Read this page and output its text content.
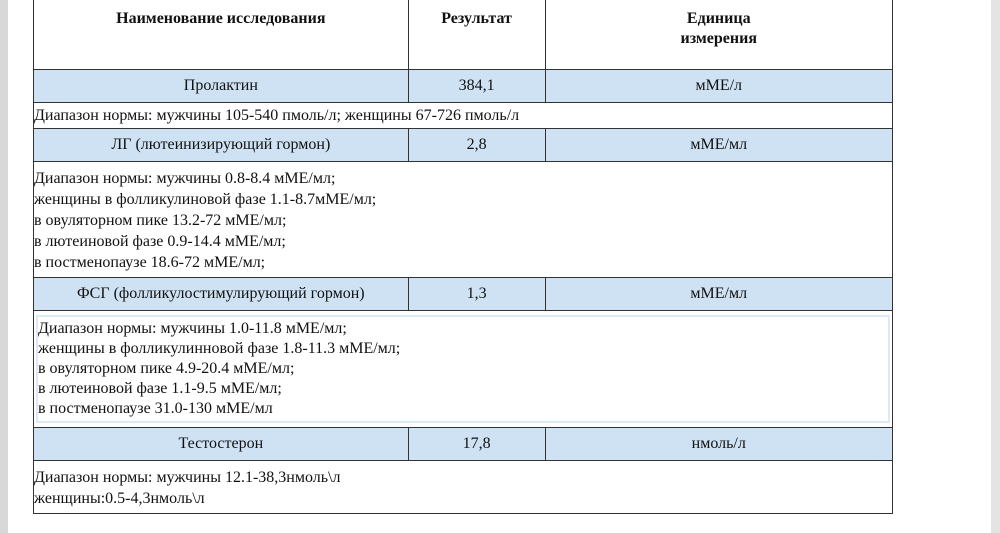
Наименование исследования	Результат	Единица
измерения
Пролактин	384,1	мМЕ/л

Диапазон нормы: мужчины 105-540 пмоль/л; женщины 67-726 пмоль/л		

ЛГ (лютеинизирующий гормон)	2,8	мМЕ/мл

Диапазон нормы: мужчины 0.8-8.4 мМЕ/мл;
женщины в фолликулиновой фазе 1.1-8.7мМЕ/мл;
в овуляторном пике 13.2-72 мМЕ/мл;
в лютеиновой фазе 0.9-14.4 мМЕ/мл;
в постменопаузе 18.6-72 мМЕ/мл;		

ФСГ (фолликулостимулирующий гормон)	1,3	мМЕ/мл

Диапазон нормы: мужчины 1.0-11.8 мМЕ/мл;
женщины в фолликулинновой фазе 1.8-11.3 мМЕ/мл;
в овуляторном пике 4.9-20.4 мМЕ/мл;
в лютеиновой фазе 1.1-9.5 мМЕ/мл;
в постменопаузе 31.0-130 мМЕ/мл		

Тестостерон	17,8	нмоль/л

Диапазон нормы: мужчины 12.1-38,3нмоль\л
женщины:0.5-4,3нмоль\л		
